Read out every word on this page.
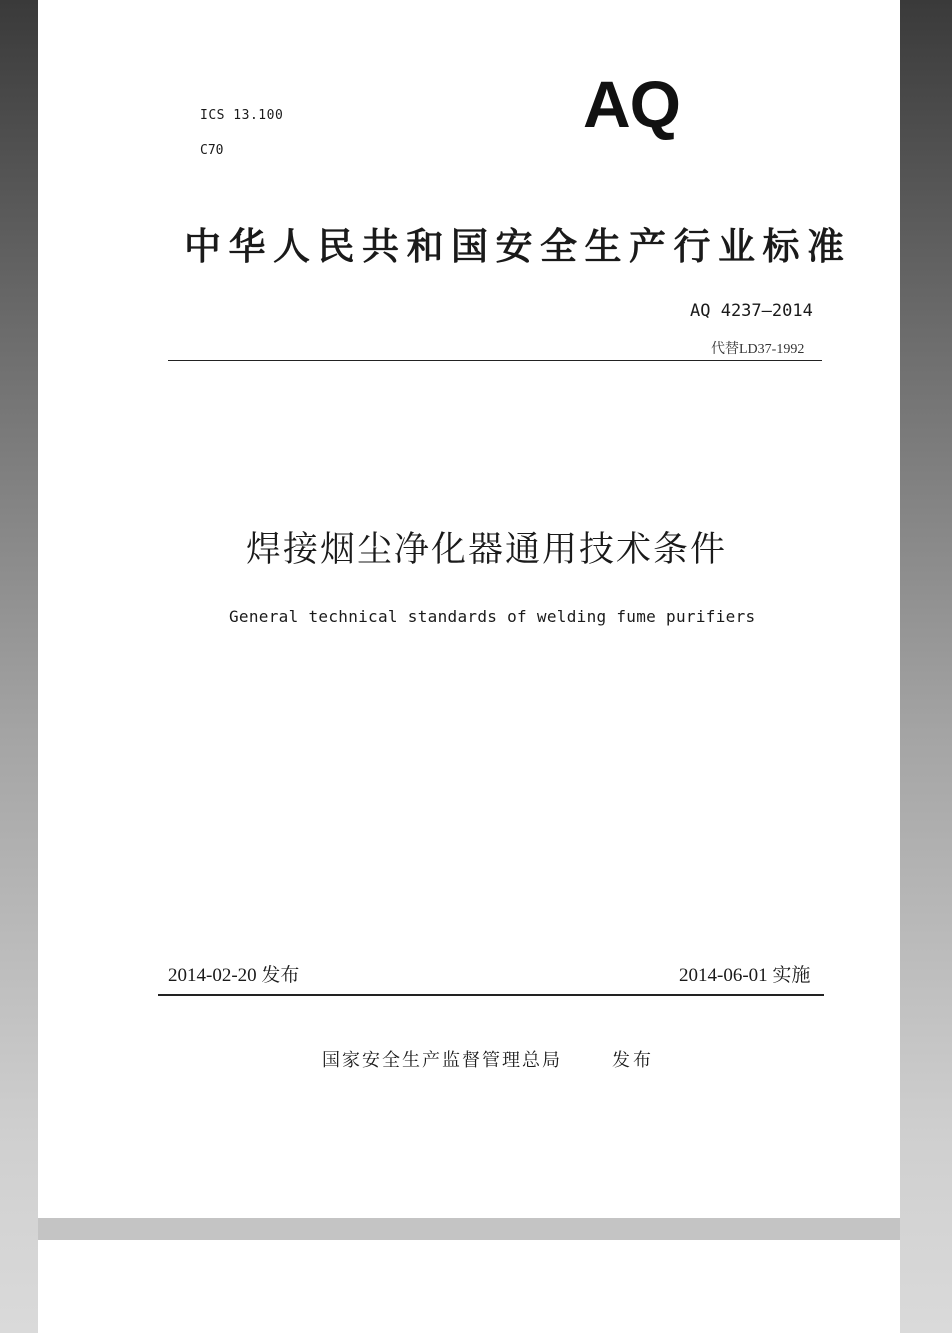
ICS 13.100
C70
AQ
中华人民共和国安全生产行业标准
AQ 4237—2014
代替LD37-1992
焊接烟尘净化器通用技术条件
General technical standards of welding fume purifiers
2014-02-20 发布	2014-06-01 实施
国家安全生产监督管理总局	发布
